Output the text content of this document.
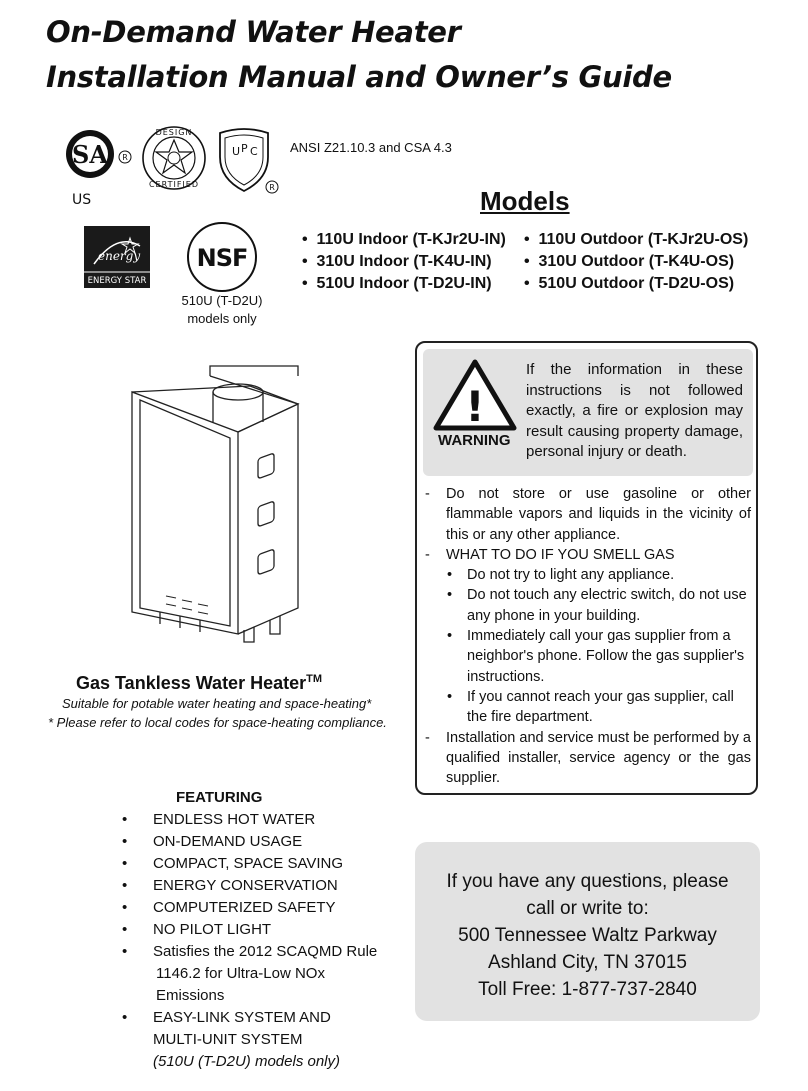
On-Demand Water Heater
Installation Manual and Owner’s Guide
SA R
US
DESIGN
CERTIFIED
U P C
R
ANSI Z21.10.3 and CSA 4.3
energy
ENERGY STAR
NSF
510U (T-D2U)
models only
Models
• 110U Indoor (T-KJr2U-IN)
• 310U Indoor (T-K4U-IN)
• 510U Indoor (T-D2U-IN)
• 110U Outdoor (T-KJr2U-OS)
• 310U Outdoor (T-K4U-OS)
• 510U Outdoor (T-D2U-OS)
Gas Tankless Water Heater™
Suitable for potable water heating and space-heating*
* Please refer to local codes for space-heating compliance.
!
WARNING
If the information in these instructions is not followed exactly, a fire or explosion may result causing property damage, personal injury or death.
- Do not store or use gasoline or other flammable vapors and liquids in the vicinity of this or any other appliance.
- WHAT TO DO IF YOU SMELL GAS
• Do not try to light any appliance.
• Do not touch any electric switch, do not use any phone in your building.
• Immediately call your gas supplier from a neighbor's phone. Follow the gas supplier's instructions.
• If you cannot reach your gas supplier, call the fire department.
- Installation and service must be performed by a qualified installer, service agency or the gas supplier.
FEATURING
• ENDLESS HOT WATER
• ON-DEMAND USAGE
• COMPACT, SPACE SAVING
• ENERGY CONSERVATION
• COMPUTERIZED SAFETY
• NO PILOT LIGHT
• Satisfies the 2012 SCAQMD Rule
1146.2 for Ultra-Low NOx
Emissions
• EASY-LINK SYSTEM AND
MULTI-UNIT SYSTEM
(510U (T-D2U) models only)
If you have any questions, please
call or write to:
500 Tennessee Waltz Parkway
Ashland City, TN 37015
Toll Free: 1-877-737-2840
